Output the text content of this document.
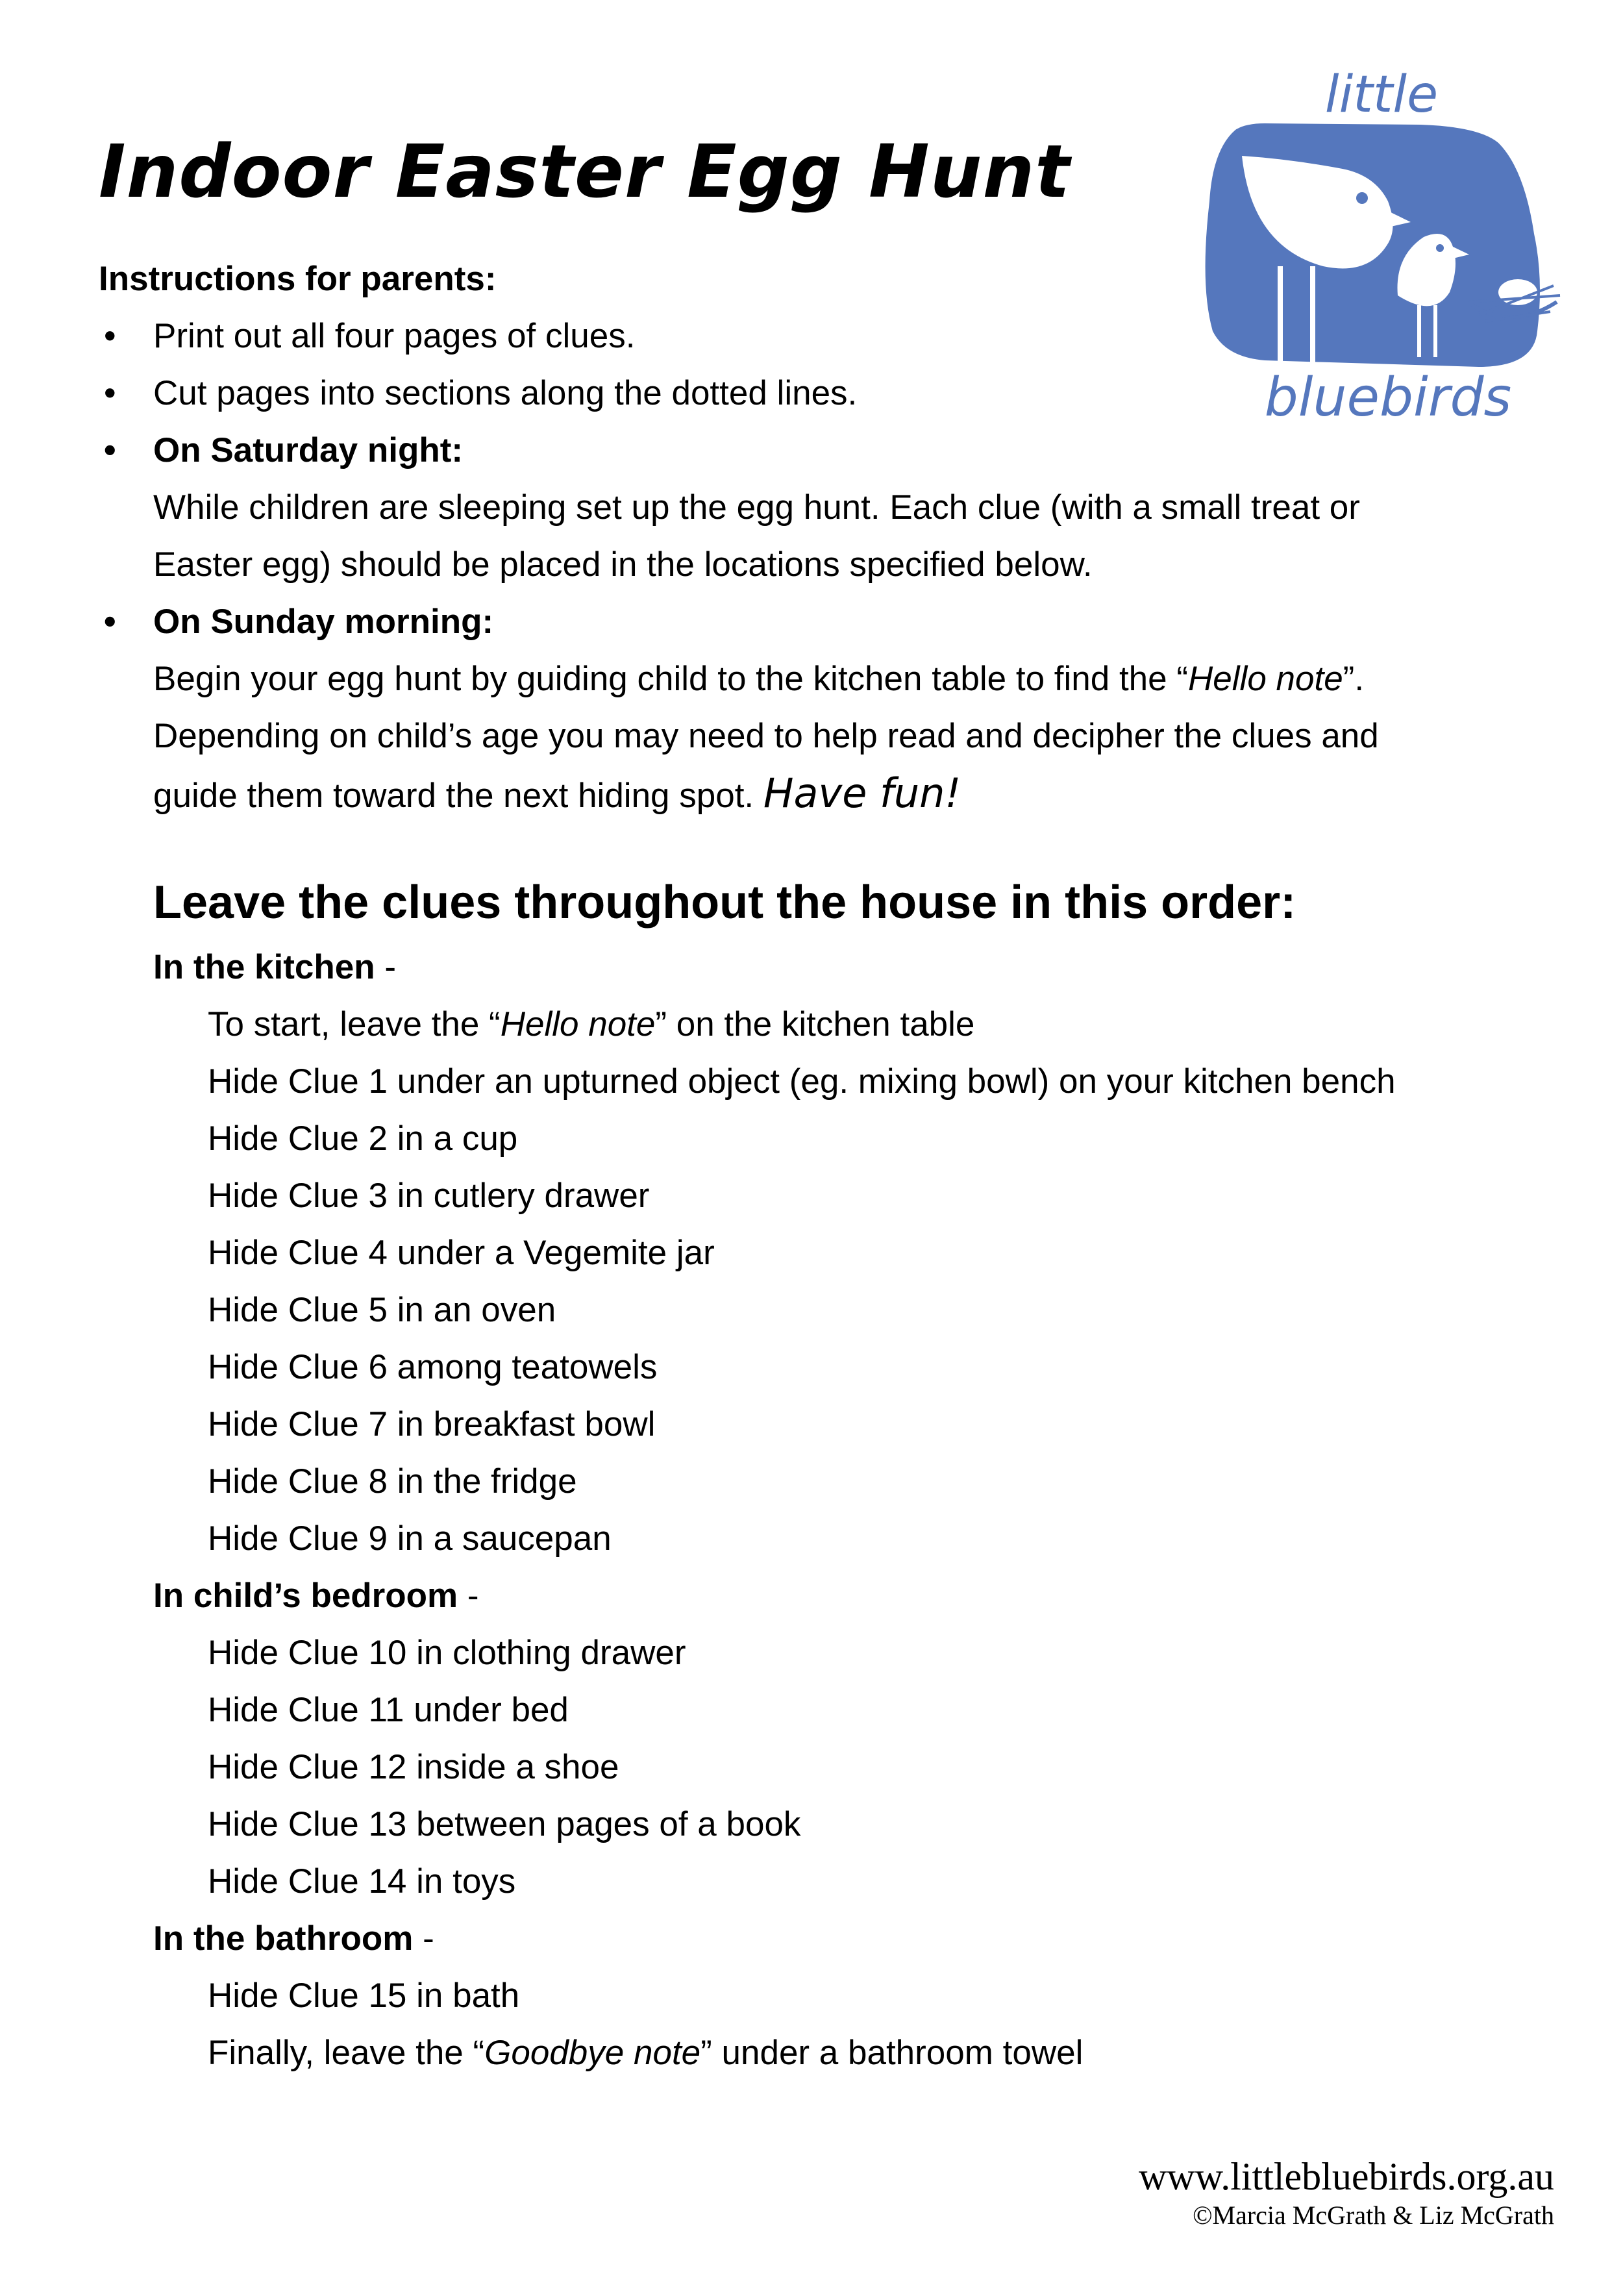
Indoor Easter Egg Hunt
little
bluebirds
Instructions for parents:
• Print out all four pages of clues.
• Cut pages into sections along the dotted lines.
• On Saturday night:
While children are sleeping set up the egg hunt. Each clue (with a small treat or
Easter egg) should be placed in the locations specified below.
• On Sunday morning:
Begin your egg hunt by guiding child to the kitchen table to find the “Hello note”.
Depending on child’s age you may need to help read and decipher the clues and
guide them toward the next hiding spot. Have fun!
Leave the clues throughout the house in this order:
In the kitchen -
To start, leave the “Hello note” on the kitchen table
Hide Clue 1 under an upturned object (eg. mixing bowl) on your kitchen bench
Hide Clue 2 in a cup
Hide Clue 3 in cutlery drawer
Hide Clue 4 under a Vegemite jar
Hide Clue 5 in an oven
Hide Clue 6 among teatowels
Hide Clue 7 in breakfast bowl
Hide Clue 8 in the fridge
Hide Clue 9 in a saucepan
In child’s bedroom -
Hide Clue 10 in clothing drawer
Hide Clue 11 under bed
Hide Clue 12 inside a shoe
Hide Clue 13 between pages of a book
Hide Clue 14 in toys
In the bathroom -
Hide Clue 15 in bath
Finally, leave the “Goodbye note” under a bathroom towel
www.littlebluebirds.org.au
©Marcia McGrath & Liz McGrath
